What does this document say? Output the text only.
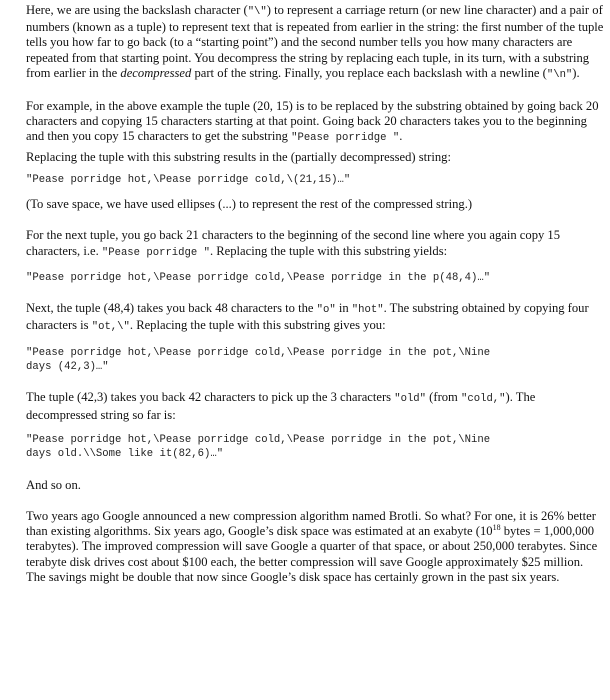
Here, we are using the backslash character ("\") to represent a carriage return (or new line character) and a pair of numbers (known as a tuple) to represent text that is repeated from earlier in the string: the first number of the tuple tells you how far to go back (to a “starting point”) and the second number tells you how many characters are repeated from that starting point. You decompress the string by replacing each tuple, in its turn, with a substring from earlier in the decompressed part of the string. Finally, you replace each backslash with a newline ("\n").

For example, in the above example the tuple (20, 15) is to be replaced by the substring obtained by going back 20 characters and copying 15 characters starting at that point. Going back 20 characters takes you to the beginning and then you copy 15 characters to get the substring "Pease porridge ".

Replacing the tuple with this substring results in the (partially decompressed) string:

"Pease porridge hot,\Pease porridge cold,\(21,15)…"

(To save space, we have used ellipses (...) to represent the rest of the compressed string.)

For the next tuple, you go back 21 characters to the beginning of the second line where you again copy 15 characters, i.e. "Pease porridge ". Replacing the tuple with this substring yields:

"Pease porridge hot,\Pease porridge cold,\Pease porridge in the p(48,4)…"

Next, the tuple (48,4) takes you back 48 characters to the "o" in "hot". The substring obtained by copying four characters is "ot,\". Replacing the tuple with this substring gives you:

"Pease porridge hot,\Pease porridge cold,\Pease porridge in the pot,\Nine
days (42,3)…"

The tuple (42,3) takes you back 42 characters to pick up the 3 characters "old" (from "cold,"). The decompressed string so far is:

"Pease porridge hot,\Pease porridge cold,\Pease porridge in the pot,\Nine
days old.\\Some like it(82,6)…"

And so on.

Two years ago Google announced a new compression algorithm named Brotli. So what? For one, it is 26% better than existing algorithms. Six years ago, Google’s disk space was estimated at an exabyte ($10^{18}$ bytes = 1,000,000 terabytes). The improved compression will save Google a quarter of that space, or about 250,000 terabytes. Since terabyte disk drives cost about $100 each, the better compression will save Google approximately $25 million. The savings might be double that now since Google’s disk space has certainly grown in the past six years.
